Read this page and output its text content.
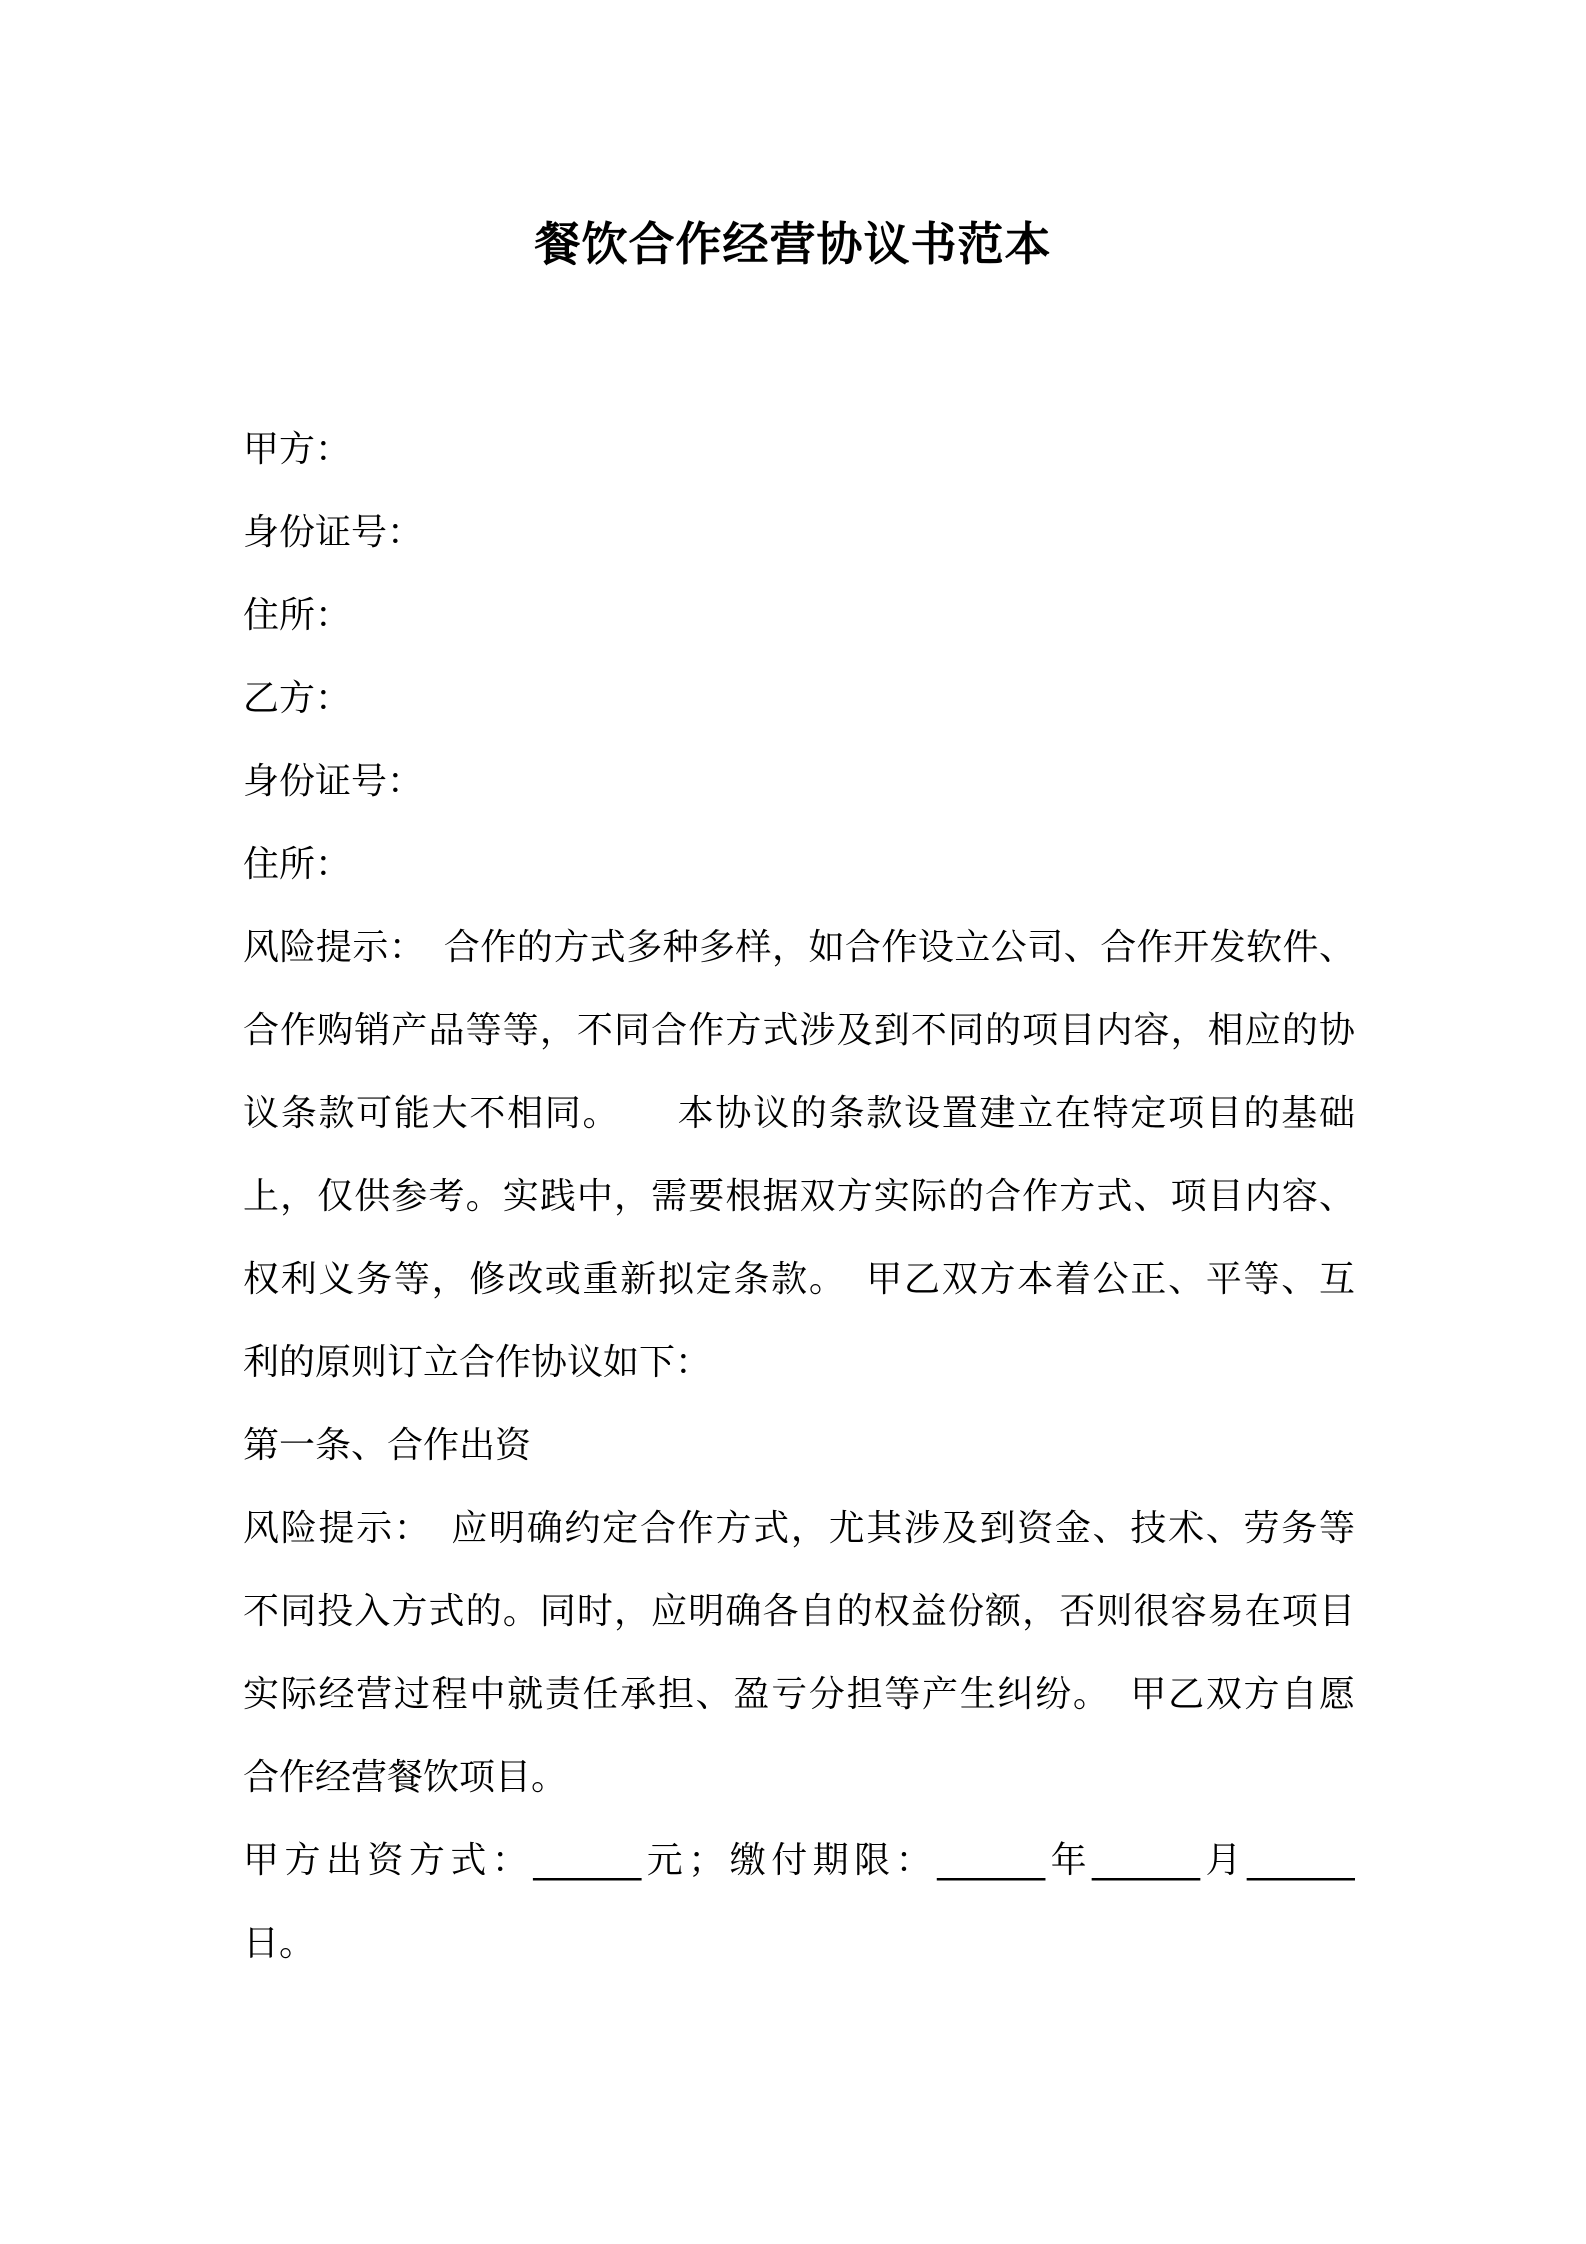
餐饮合作经营协议书范本
甲方：
身份证号：
住所：
乙方：
身份证号：
住所：
风险提示：　合作的方式多种多样，如合作设立公司、合作开发软件、
合作购销产品等等，不同合作方式涉及到不同的项目内容，相应的协
议条款可能大不相同。　　本协议的条款设置建立在特定项目的基础
上，仅供参考。实践中，需要根据双方实际的合作方式、项目内容、
权利义务等，修改或重新拟定条款。　甲乙双方本着公正、平等、互
利的原则订立合作协议如下：
第一条、合作出资
风险提示：　应明确约定合作方式，尤其涉及到资金、技术、劳务等
不同投入方式的。同时，应明确各自的权益份额，否则很容易在项目
实际经营过程中就责任承担、盈亏分担等产生纠纷。　甲乙双方自愿
合作经营餐饮项目。
甲方出资方式：______元；缴付期限：______年______月______
日。
